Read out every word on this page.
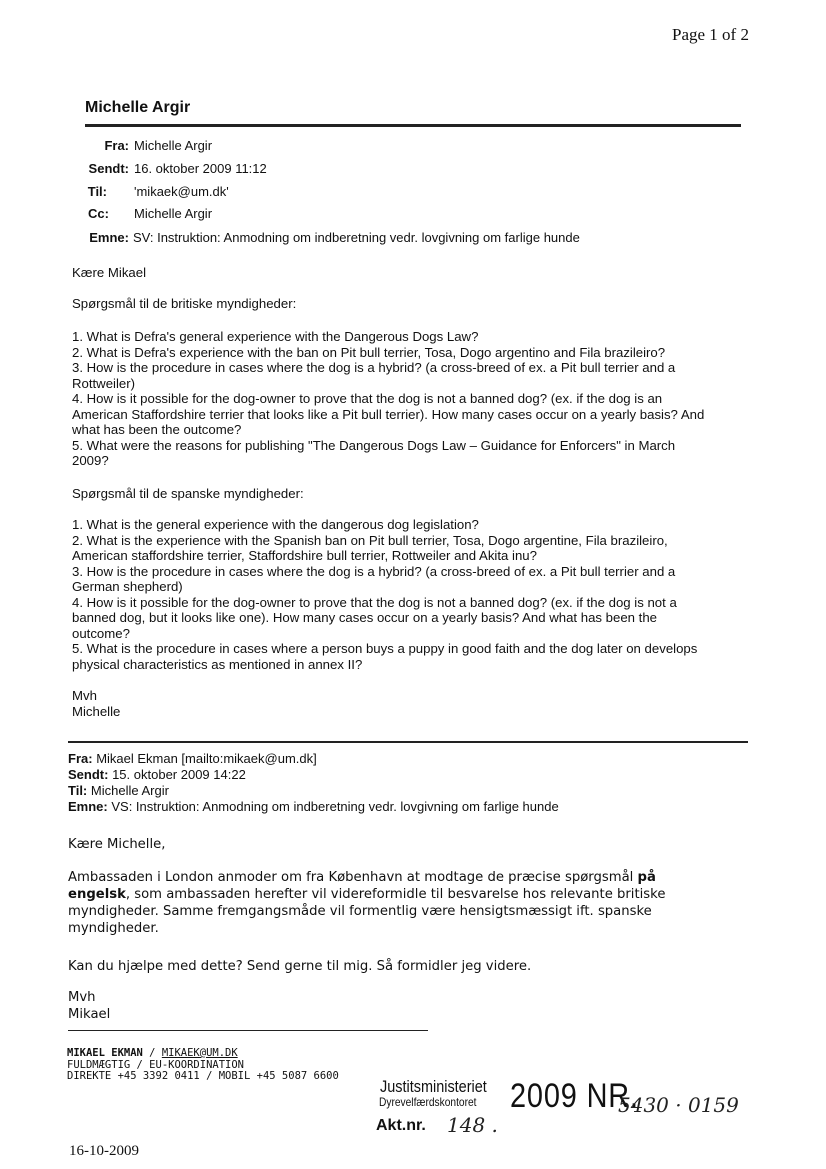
Page 1 of 2
Michelle Argir
Fra: Michelle Argir
Sendt: 16. oktober 2009 11:12
Til: 'mikaek@um.dk'
Cc: Michelle Argir
Emne: SV: Instruktion: Anmodning om indberetning vedr. lovgivning om farlige hunde
Kære Mikael
Spørgsmål til de britiske myndigheder:
1. What is Defra's general experience with the Dangerous Dogs Law?
2. What is Defra's experience with the ban on Pit bull terrier, Tosa, Dogo argentino and Fila brazileiro?
3. How is the procedure in cases where the dog is a hybrid? (a cross-breed of ex. a Pit bull terrier and a
Rottweiler)
4. How is it possible for the dog-owner to prove that the dog is not a banned dog? (ex. if the dog is an
American Staffordshire terrier that looks like a Pit bull terrier). How many cases occur on a yearly basis? And
what has been the outcome?
5. What were the reasons for publishing "The Dangerous Dogs Law – Guidance for Enforcers" in March
2009?
Spørgsmål til de spanske myndigheder:
1. What is the general experience with the dangerous dog legislation?
2. What is the experience with the Spanish ban on Pit bull terrier, Tosa, Dogo argentine, Fila brazileiro,
American staffordshire terrier, Staffordshire bull terrier, Rottweiler and Akita inu?
3. How is the procedure in cases where the dog is a hybrid? (a cross-breed of ex. a Pit bull terrier and a
German shepherd)
4. How is it possible for the dog-owner to prove that the dog is not a banned dog? (ex. if the dog is not a
banned dog, but it looks like one). How many cases occur on a yearly basis? And what has been the
outcome?
5. What is the procedure in cases where a person buys a puppy in good faith and the dog later on develops
physical characteristics as mentioned in annex II?
Mvh
Michelle
Fra: Mikael Ekman [mailto:mikaek@um.dk]
Sendt: 15. oktober 2009 14:22
Til: Michelle Argir
Emne: VS: Instruktion: Anmodning om indberetning vedr. lovgivning om farlige hunde
Kære Michelle,
Ambassaden i London anmoder om fra København at modtage de præcise spørgsmål på
engelsk, som ambassaden herefter vil videreformidle til besvarelse hos relevante britiske
myndigheder. Samme fremgangsmåde vil formentlig være hensigtsmæssigt ift. spanske
myndigheder.
Kan du hjælpe med dette? Send gerne til mig. Så formidler jeg videre.
Mvh
Mikael
MIKAEL EKMAN / MIKAEK@UM.DK
FULDMÆGTIG / EU-KOORDINATION
DIREKTE +45 3392 0411 / MOBIL +45 5087 6600
Justitsministeriet
Dyrevelfærdskontoret 2009 NR.
5430 · 0159
Akt.nr. 148 .
16-10-2009
